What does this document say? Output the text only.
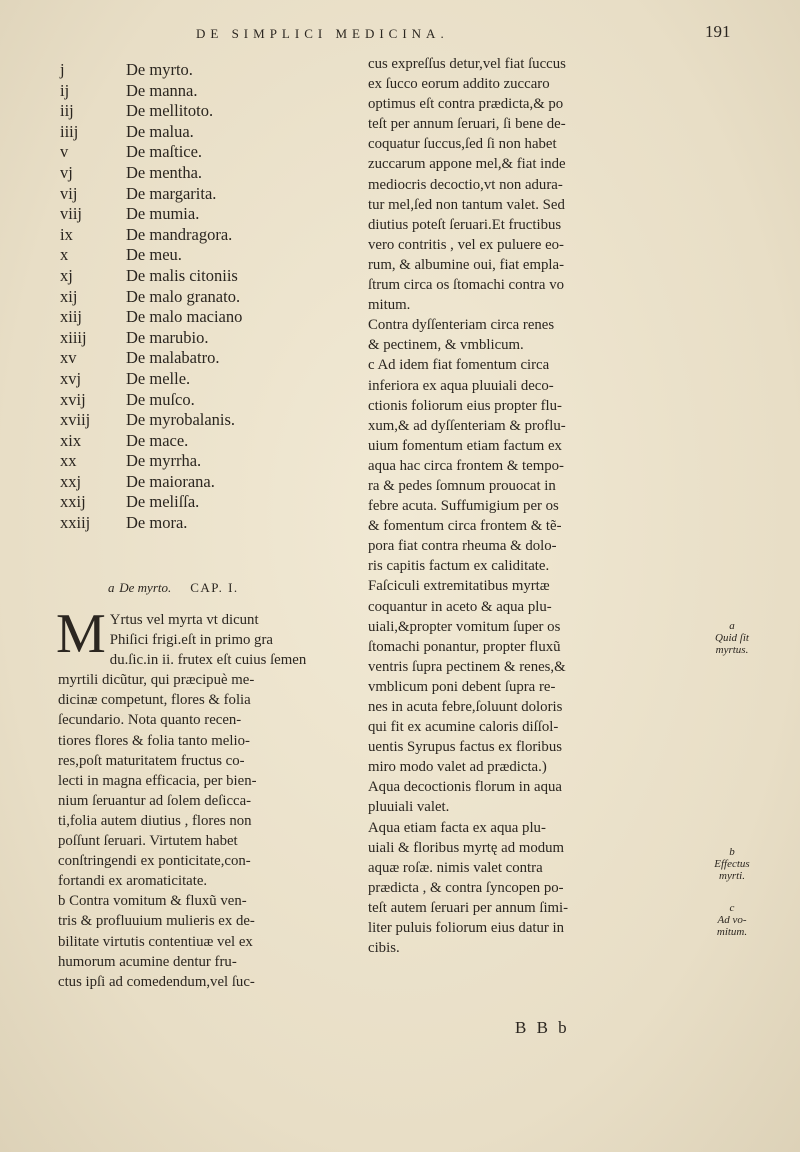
DE SIMPLICI MEDICINA.	191
j	De myrto.
ij	De manna.
iij	De mellitoto.
iiij	De malua.
v	De maſtice.
vj	De mentha.
vij	De margarita.
viij	De mumia.
ix	De mandragora.
x	De meu.
xj	De malis citoniis
xij	De malo granato.
xiij	De malo maciano
xiiij	De marubio.
xv	De malabatro.
xvj	De melle.
xvij	De muſco.
xviij	De myrobalanis.
xix	De mace.
xx	De myrrha.
xxj	De maiorana.
xxij	De meliſſa.
xxiij	De mora.
a De myrto. CAP. I.
M Yrtus vel myrta vt dicunt
Phiſici frigi.eſt in primo gra
du.ſic.in ii. frutex eſt cuius ſemen
myrtili dicũtur, qui præcipuè me-
dicinæ competunt, flores & folia
ſecundario. Nota quanto recen-
tiores flores & folia tanto melio-
res,poſt maturitatem fructus co-
lecti in magna efficacia, per bien-
nium ſeruantur ad ſolem deſicca-
ti,folia autem diutius , flores non
poſſunt ſeruari. Virtutem habet
conſtringendi ex ponticitate,con-
fortandi ex aromaticitate.
b Contra vomitum & fluxũ ven-
tris & profluuium mulieris ex de-
bilitate virtutis contentiuæ vel ex
humorum acumine dentur fru-
ctus ipſi ad comedendum,vel ſuc-
cus expreſſus detur,vel fiat ſuccus
ex ſucco eorum addito zuccaro
optimus eſt contra prædicta,& po
teſt per annum ſeruari, ſi bene de-
coquatur ſuccus,ſed ſi non habet
zuccarum appone mel,& fiat inde
mediocris decoctio,vt non adura-
tur mel,ſed non tantum valet. Sed
diutius poteſt ſeruari.Et fructibus
vero contritis , vel ex puluere eo-
rum, & albumine oui, fiat empla-
ſtrum circa os ſtomachi contra vo
mitum.
Contra dyſſenteriam circa renes
& pectinem, & vmblicum.
c Ad idem fiat fomentum circa
inferiora ex aqua pluuiali deco-
ctionis foliorum eius propter flu-
xum,& ad dyſſenteriam & proflu-
uium fomentum etiam factum ex
aqua hac circa frontem & tempo-
ra & pedes ſomnum prouocat in
febre acuta. Suffumigium per os
& fomentum circa frontem & tẽ-
pora fiat contra rheuma & dolo-
ris capitis factum ex caliditate.
Faſciculi extremitatibus myrtæ
coquantur in aceto & aqua plu-
uiali,&propter vomitum ſuper os
ſtomachi ponantur, propter fluxũ
ventris ſupra pectinem & renes,&
vmblicum poni debent ſupra re-
nes in acuta febre,ſoluunt doloris
qui fit ex acumine caloris diſſol-
uentis Syrupus factus ex floribus
miro modo valet ad prædicta.)
Aqua decoctionis florum in aqua
pluuiali valet.
Aqua etiam facta ex aqua plu-
uiali & floribus myrtę ad modum
aquæ roſæ. nimis valet contra
prædicta , & contra ſyncopen po-
teſt autem ſeruari per annum ſimi-
liter puluis foliorum eius datur in
cibis.
a
Quid ſit
myrtus.
b
Effectus
myrti.
c
Ad vo-
mitum.
B B b
